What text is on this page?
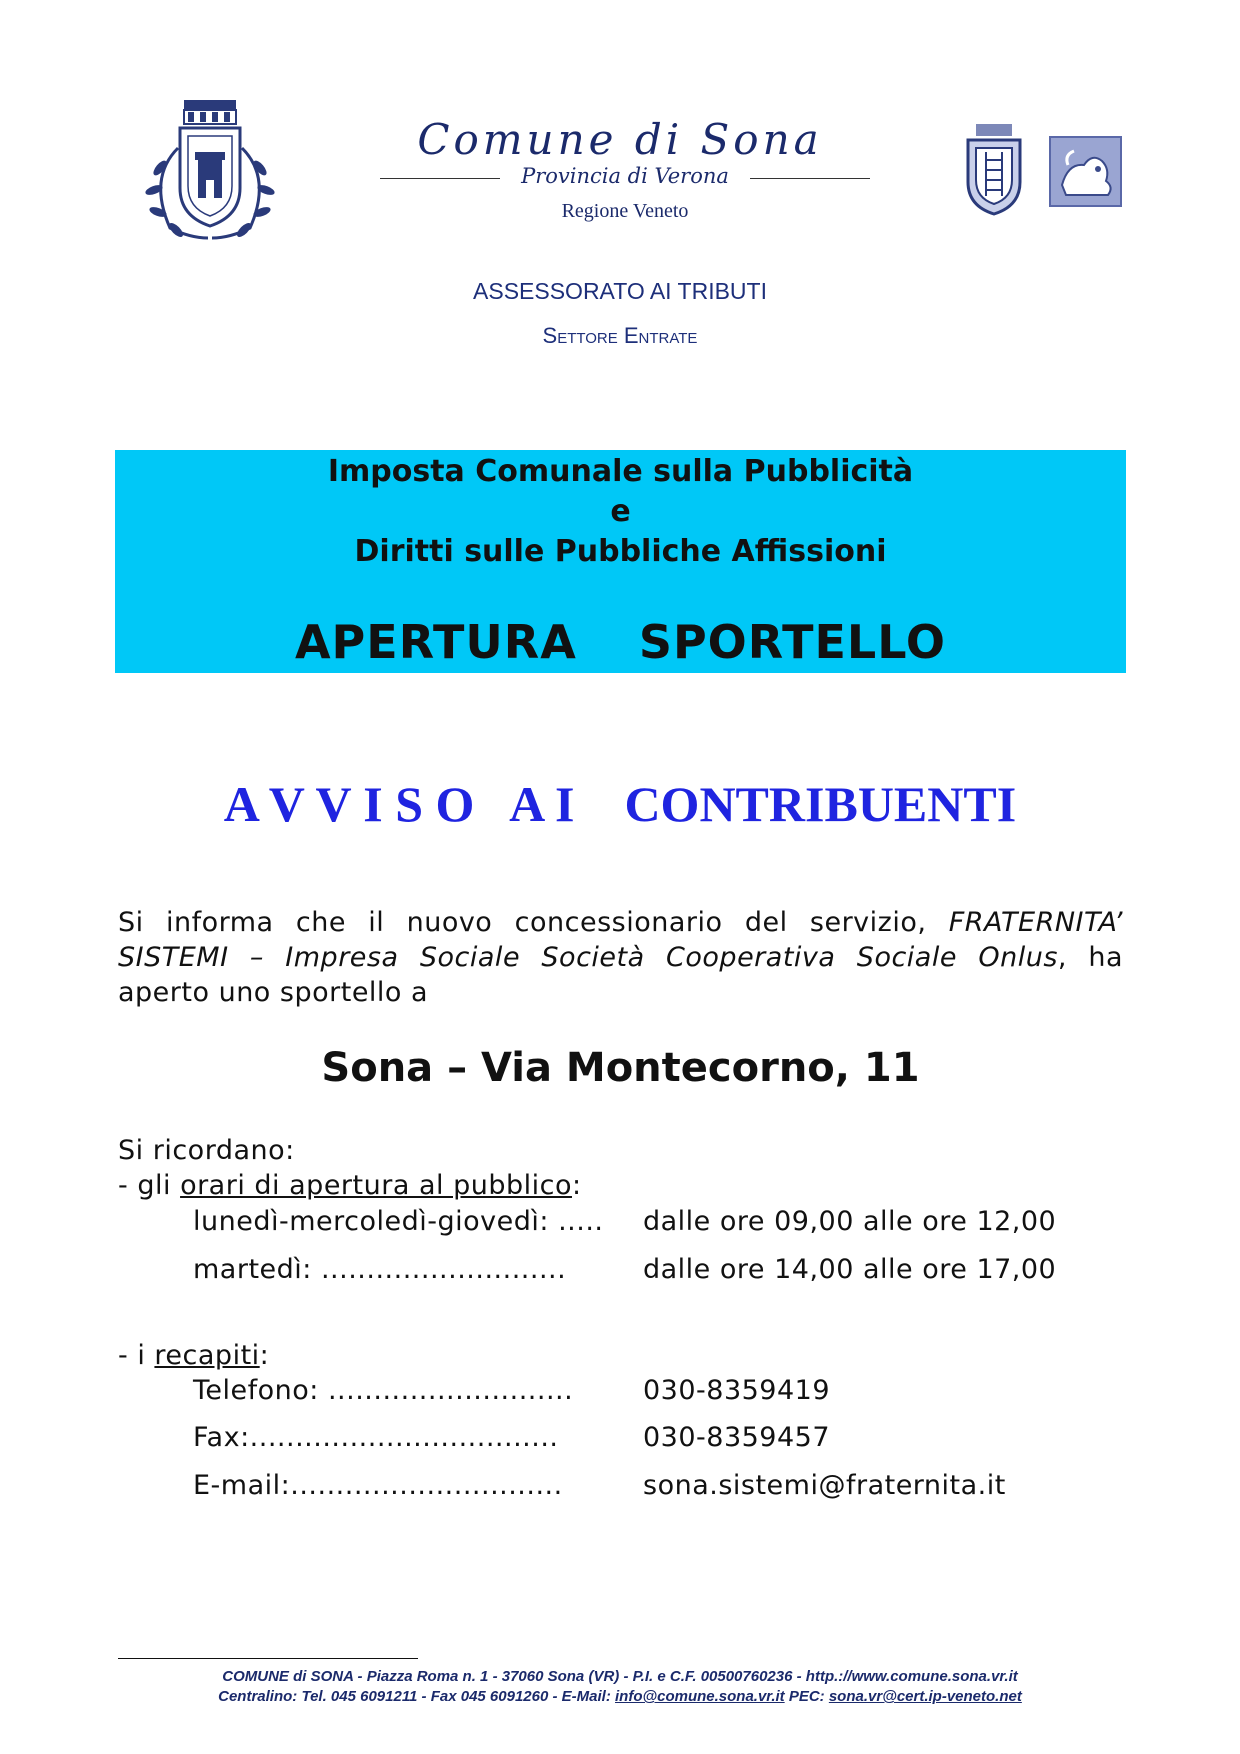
Comune di Sona
Provincia di Verona
Regione Veneto
ASSESSORATO AI TRIBUTI
Settore Entrate
Imposta Comunale sulla Pubblicità
e
Diritti sulle Pubbliche Affissioni
APERTURA  SPORTELLO
A V V I S O   A I    CONTRIBUENTI
Si informa che il nuovo concessionario del servizio, FRATERNITA’ SISTEMI – Impresa Sociale Società Cooperativa Sociale Onlus, ha aperto uno sportello a
Sona – Via Montecorno, 11
Si ricordano:
- gli orari di apertura al pubblico:
lunedì-mercoledì-giovedì: ..... dalle ore 09,00 alle ore 12,00
martedì: ...........................	dalle ore 14,00 alle ore 17,00
- i recapiti:
Telefono: ...........................	030-8359419
Fax:..................................	030-8359457
E-mail:..............................	sona.sistemi@fraternita.it
COMUNE di SONA - Piazza Roma n. 1 - 37060 Sona (VR) - P.I. e C.F. 00500760236 - http.://www.comune.sona.vr.it
Centralino: Tel. 045 6091211 - Fax 045 6091260 - E-Mail: info@comune.sona.vr.it PEC: sona.vr@cert.ip-veneto.net
